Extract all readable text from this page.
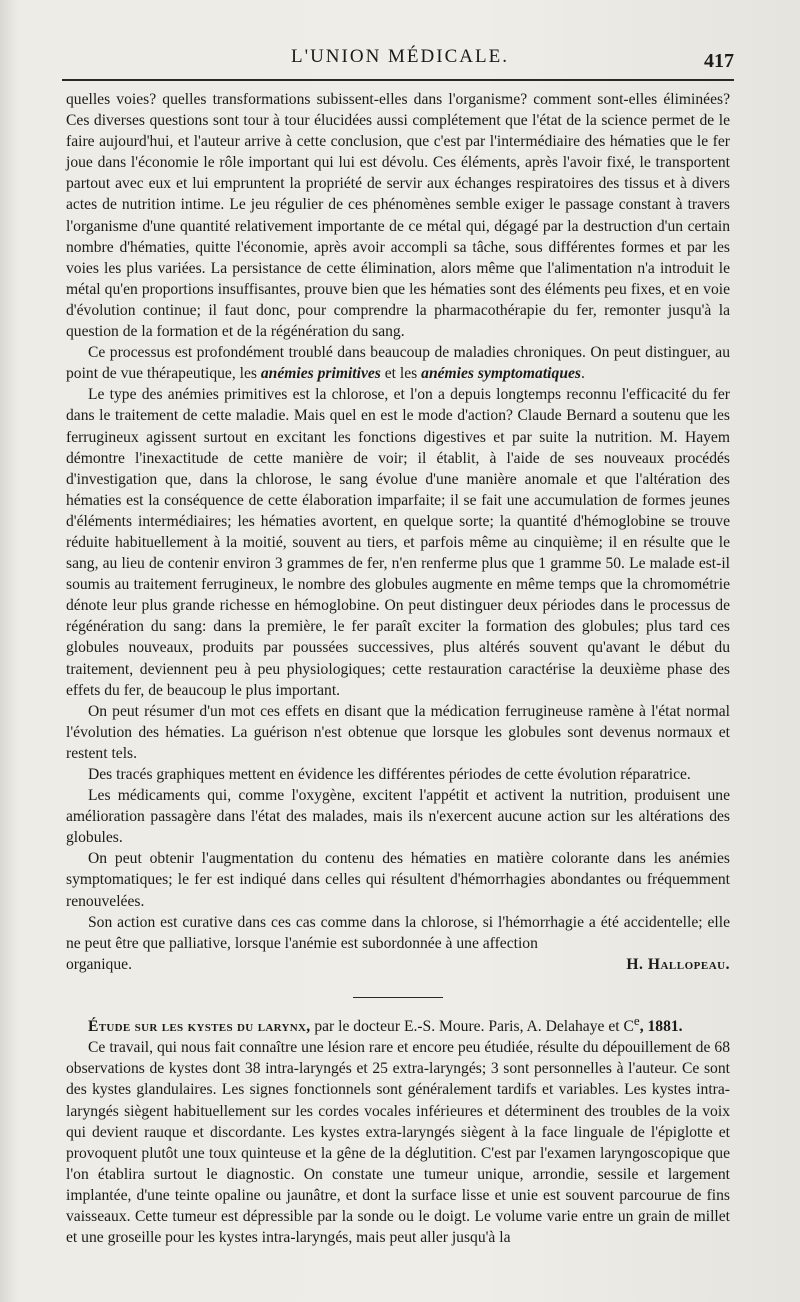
L'UNION MÉDICALE.	417

quelles voies? quelles transformations subissent-elles dans l'organisme? comment sont-elles éliminées? Ces diverses questions sont tour à tour élucidées aussi complétement que l'état de la science permet de le faire aujourd'hui, et l'auteur arrive à cette conclusion, que c'est par l'intermédiaire des hématies que le fer joue dans l'économie le rôle important qui lui est dévolu. Ces éléments, après l'avoir fixé, le transportent partout avec eux et lui empruntent la propriété de servir aux échanges respiratoires des tissus et à divers actes de nutrition intime. Le jeu régulier de ces phénomènes semble exiger le passage constant à travers l'organisme d'une quantité relativement importante de ce métal qui, dégagé par la destruction d'un certain nombre d'hématies, quitte l'économie, après avoir accompli sa tâche, sous différentes formes et par les voies les plus variées. La persistance de cette élimination, alors même que l'alimentation n'a introduit le métal qu'en proportions insuffisantes, prouve bien que les hématies sont des éléments peu fixes, et en voie d'évolution continue; il faut donc, pour comprendre la pharmacothérapie du fer, remonter jusqu'à la question de la formation et de la régénération du sang.

Ce processus est profondément troublé dans beaucoup de maladies chroniques. On peut distinguer, au point de vue thérapeutique, les anémies primitives et les anémies symptomatiques.

Le type des anémies primitives est la chlorose, et l'on a depuis longtemps reconnu l'efficacité du fer dans le traitement de cette maladie. Mais quel en est le mode d'action? Claude Bernard a soutenu que les ferrugineux agissent surtout en excitant les fonctions digestives et par suite la nutrition. M. Hayem démontre l'inexactitude de cette manière de voir; il établit, à l'aide de ses nouveaux procédés d'investigation que, dans la chlorose, le sang évolue d'une manière anomale et que l'altération des hématies est la conséquence de cette élaboration imparfaite; il se fait une accumulation de formes jeunes d'éléments intermédiaires; les hématies avortent, en quelque sorte; la quantité d'hémoglobine se trouve réduite habituellement à la moitié, souvent au tiers, et parfois même au cinquième; il en résulte que le sang, au lieu de contenir environ 3 grammes de fer, n'en renferme plus que 1 gramme 50. Le malade est-il soumis au traitement ferrugineux, le nombre des globules augmente en même temps que la chromométrie dénote leur plus grande richesse en hémoglobine. On peut distinguer deux périodes dans le processus de régénération du sang: dans la première, le fer paraît exciter la formation des globules; plus tard ces globules nouveaux, produits par poussées successives, plus altérés souvent qu'avant le début du traitement, deviennent peu à peu physiologiques; cette restauration caractérise la deuxième phase des effets du fer, de beaucoup le plus important.

On peut résumer d'un mot ces effets en disant que la médication ferrugineuse ramène à l'état normal l'évolution des hématies. La guérison n'est obtenue que lorsque les globules sont devenus normaux et restent tels.

Des tracés graphiques mettent en évidence les différentes périodes de cette évolution réparatrice.

Les médicaments qui, comme l'oxygène, excitent l'appétit et activent la nutrition, produisent une amélioration passagère dans l'état des malades, mais ils n'exercent aucune action sur les altérations des globules.

On peut obtenir l'augmentation du contenu des hématies en matière colorante dans les anémies symptomatiques; le fer est indiqué dans celles qui résultent d'hémorrhagies abondantes ou fréquemment renouvelées.

Son action est curative dans ces cas comme dans la chlorose, si l'hémorrhagie a été accidentelle; elle ne peut être que palliative, lorsque l'anémie est subordonnée à une affection

organique.	H. Hallopeau.

Étude sur les kystes du larynx, par le docteur E.-S. Moure. Paris, A. Delahaye et Ce, 1881.

Ce travail, qui nous fait connaître une lésion rare et encore peu étudiée, résulte du dépouillement de 68 observations de kystes dont 38 intra-laryngés et 25 extra-laryngés; 3 sont personnelles à l'auteur. Ce sont des kystes glandulaires. Les signes fonctionnels sont généralement tardifs et variables. Les kystes intra-laryngés siègent habituellement sur les cordes vocales inférieures et déterminent des troubles de la voix qui devient rauque et discordante. Les kystes extra-laryngés siègent à la face linguale de l'épiglotte et provoquent plutôt une toux quinteuse et la gêne de la déglutition. C'est par l'examen laryngoscopique que l'on établira surtout le diagnostic. On constate une tumeur unique, arrondie, sessile et largement implantée, d'une teinte opaline ou jaunâtre, et dont la surface lisse et unie est souvent parcourue de fins vaisseaux. Cette tumeur est dépressible par la sonde ou le doigt. Le volume varie entre un grain de millet et une groseille pour les kystes intra-laryngés, mais peut aller jusqu'à la
